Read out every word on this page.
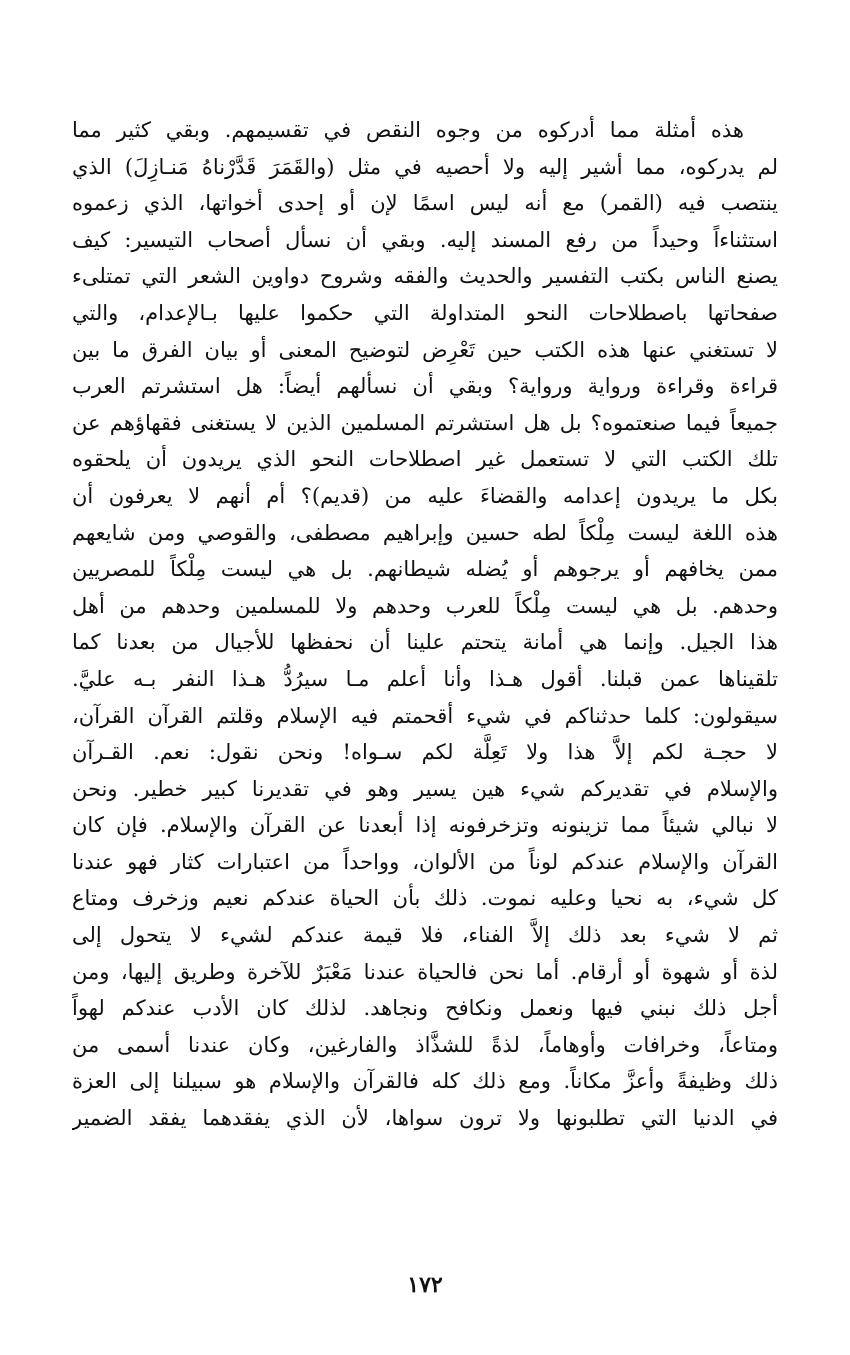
هذه أمثلة مما أدركوه من وجوه النقص في تقسيمهم. وبقي كثير مما
لم يدركوه، مما أشير إليه ولا أحصيه في مثل (والقَمَرَ قَدَّرْناهُ مَنـازِلَ) الذي
ينتصب فيه (القمر) مع أنه ليس اسمًا لإن أو إحدى أخواتها، الذي زعموه
استثناءاً وحيداً من رفع المسند إليه. وبقي أن نسأل أصحاب التيسير: كيف
يصنع الناس بكتب التفسير والحديث والفقه وشروح دواوين الشعر التي تمتلىء
صفحاتها باصطلاحات النحو المتداولة التي حكموا عليها بـالإعدام، والتي
لا تستغني عنها هذه الكتب حين تَعْرِض لتوضيح المعنى أو بيان الفرق ما بين
قراءة وقراءة ورواية ورواية؟ وبقي أن نسألهم أيضاً: هل استشرتم العرب
جميعاً فيما صنعتموه؟ بل هل استشرتم المسلمين الذين لا يستغنى فقهاؤهم عن
تلك الكتب التي لا تستعمل غير اصطلاحات النحو الذي يريدون أن يلحقوه
بكل ما يريدون إعدامه والقضاءَ عليه من (قديم)؟ أم أنهم لا يعرفون أن
هذه اللغة ليست مِلْكاً لطه حسين وإبراهيم مصطفى، والقوصي ومن شايعهم
ممن يخافهم أو يرجوهم أو يُضله شيطانهم. بل هي ليست مِلْكاً للمصريين
وحدهم. بل هي ليست مِلْكاً للعرب وحدهم ولا للمسلمين وحدهم من أهل
هذا الجيل. وإنما هي أمانة يتحتم علينا أن نحفظها للأجيال من بعدنا كما
تلقيناها عمن قبلنا. أقول هـذا وأنا أعلم مـا سيرُدُّ هـذا النفر بـه عليَّ.
سيقولون: كلما حدثناكم في شيء أقحمتم فيه الإسلام وقلتم القرآن القرآن،
لا حجـة لكم إلاَّ هذا ولا تَعِلَّة لكم سـواه! ونحن نقول: نعم. القـرآن
والإسلام في تقديركم شيء هين يسير وهو في تقديرنا كبير خطير. ونحن
لا نبالي شيئاً مما تزينونه وتزخرفونه إذا أبعدنا عن القرآن والإسلام. فإن كان
القرآن والإسلام عندكم لوناً من الألوان، وواحداً من اعتبارات كثار فهو عندنا
كل شيء، به نحيا وعليه نموت. ذلك بأن الحياة عندكم نعيم وزخرف ومتاع
ثم لا شيء بعد ذلك إلاَّ الفناء، فلا قيمة عندكم لشيء لا يتحول إلى
لذة أو شهوة أو أرقام. أما نحن فالحياة عندنا مَعْبَرٌ للآخرة وطريق إليها، ومن
أجل ذلك نبني فيها ونعمل ونكافح ونجاهد. لذلك كان الأدب عندكم لهواً
ومتاعاً، وخرافات وأوهاماً، لذةً للشذَّاذ والفارغين، وكان عندنا أسمى من
ذلك وظيفةً وأعزَّ مكاناً. ومع ذلك كله فالقرآن والإسلام هو سبيلنا إلى العزة
في الدنيا التي تطلبونها ولا ترون سواها، لأن الذي يفقدهما يفقد الضمير
١٧٢
